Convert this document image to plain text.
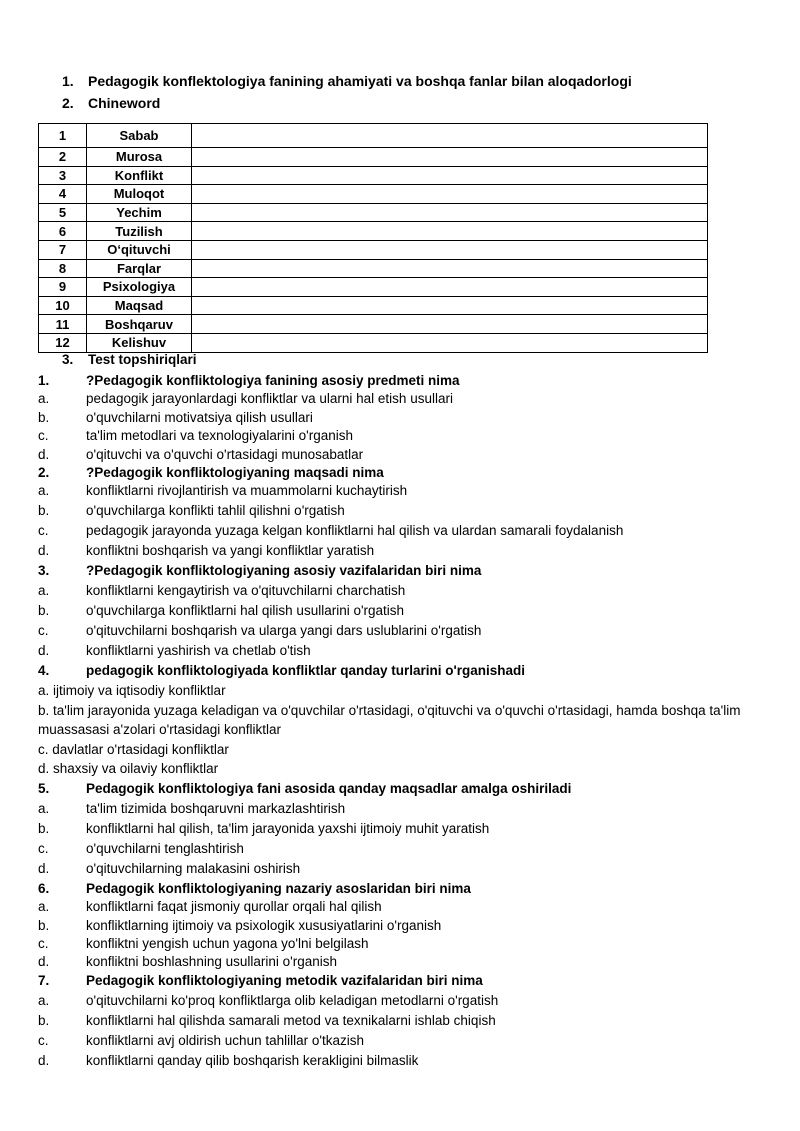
1.	Pedagogik konflektologiya fanining ahamiyati va boshqa fanlar bilan aloqadorlogi
2.	Chineword
1	Sabab	
2	Murosa	
3	Konflikt	
4	Muloqot	
5	Yechim	
6	Tuzilish	
7	O‘qituvchi	
8	Farqlar	
9	Psixologiya	
10	Maqsad	
11	Boshqaruv	
12	Kelishuv	
3.	Test topshiriqlari
1.	?Pedagogik konfliktologiya fanining asosiy predmeti nima
a.	pedagogik jarayonlardagi konfliktlar va ularni hal etish usullari
b.	o'quvchilarni motivatsiya qilish usullari
c.	ta'lim metodlari va texnologiyalarini o'rganish
d.	o'qituvchi va o'quvchi o'rtasidagi munosabatlar
2.	?Pedagogik konfliktologiyaning maqsadi nima
a.	konfliktlarni rivojlantirish va muammolarni kuchaytirish
b.	o'quvchilarga konflikti tahlil qilishni o'rgatish
c.	pedagogik jarayonda yuzaga kelgan konfliktlarni hal qilish va ulardan samarali foydalanish
d.	konfliktni boshqarish va yangi konfliktlar yaratish
3.	?Pedagogik konfliktologiyaning asosiy vazifalaridan biri nima
a.	konfliktlarni kengaytirish va o'qituvchilarni charchatish
b.	o'quvchilarga konfliktlarni hal qilish usullarini o'rgatish
c.	o'qituvchilarni boshqarish va ularga yangi dars uslublarini o'rgatish
d.	konfliktlarni yashirish va chetlab o'tish
4.	pedagogik konfliktologiyada konfliktlar qanday turlarini o'rganishadi
a. ijtimoiy va iqtisodiy konfliktlar
b. ta'lim jarayonida yuzaga keladigan va o'quvchilar o'rtasidagi, o'qituvchi va o'quvchi o'rtasidagi, hamda boshqa ta'lim
muassasasi a'zolari o'rtasidagi konfliktlar
c. davlatlar o'rtasidagi konfliktlar
d. shaxsiy va oilaviy konfliktlar
5.	Pedagogik konfliktologiya fani asosida qanday maqsadlar amalga oshiriladi
a.	ta'lim tizimida boshqaruvni markazlashtirish
b.	konfliktlarni hal qilish, ta'lim jarayonida yaxshi ijtimoiy muhit yaratish
c.	o'quvchilarni tenglashtirish
d.	o'qituvchilarning malakasini oshirish
6.	Pedagogik konfliktologiyaning nazariy asoslaridan biri nima
a.	konfliktlarni faqat jismoniy qurollar orqali hal qilish
b.	konfliktlarning ijtimoiy va psixologik xususiyatlarini o'rganish
c.	konfliktni yengish uchun yagona yo'lni belgilash
d.	konfliktni boshlashning usullarini o'rganish
7.	Pedagogik konfliktologiyaning metodik vazifalaridan biri nima
a.	o'qituvchilarni ko'proq konfliktlarga olib keladigan metodlarni o'rgatish
b.	konfliktlarni hal qilishda samarali metod va texnikalarni ishlab chiqish
c.	konfliktlarni avj oldirish uchun tahlillar o'tkazish
d.	konfliktlarni qanday qilib boshqarish kerakligini bilmaslik
